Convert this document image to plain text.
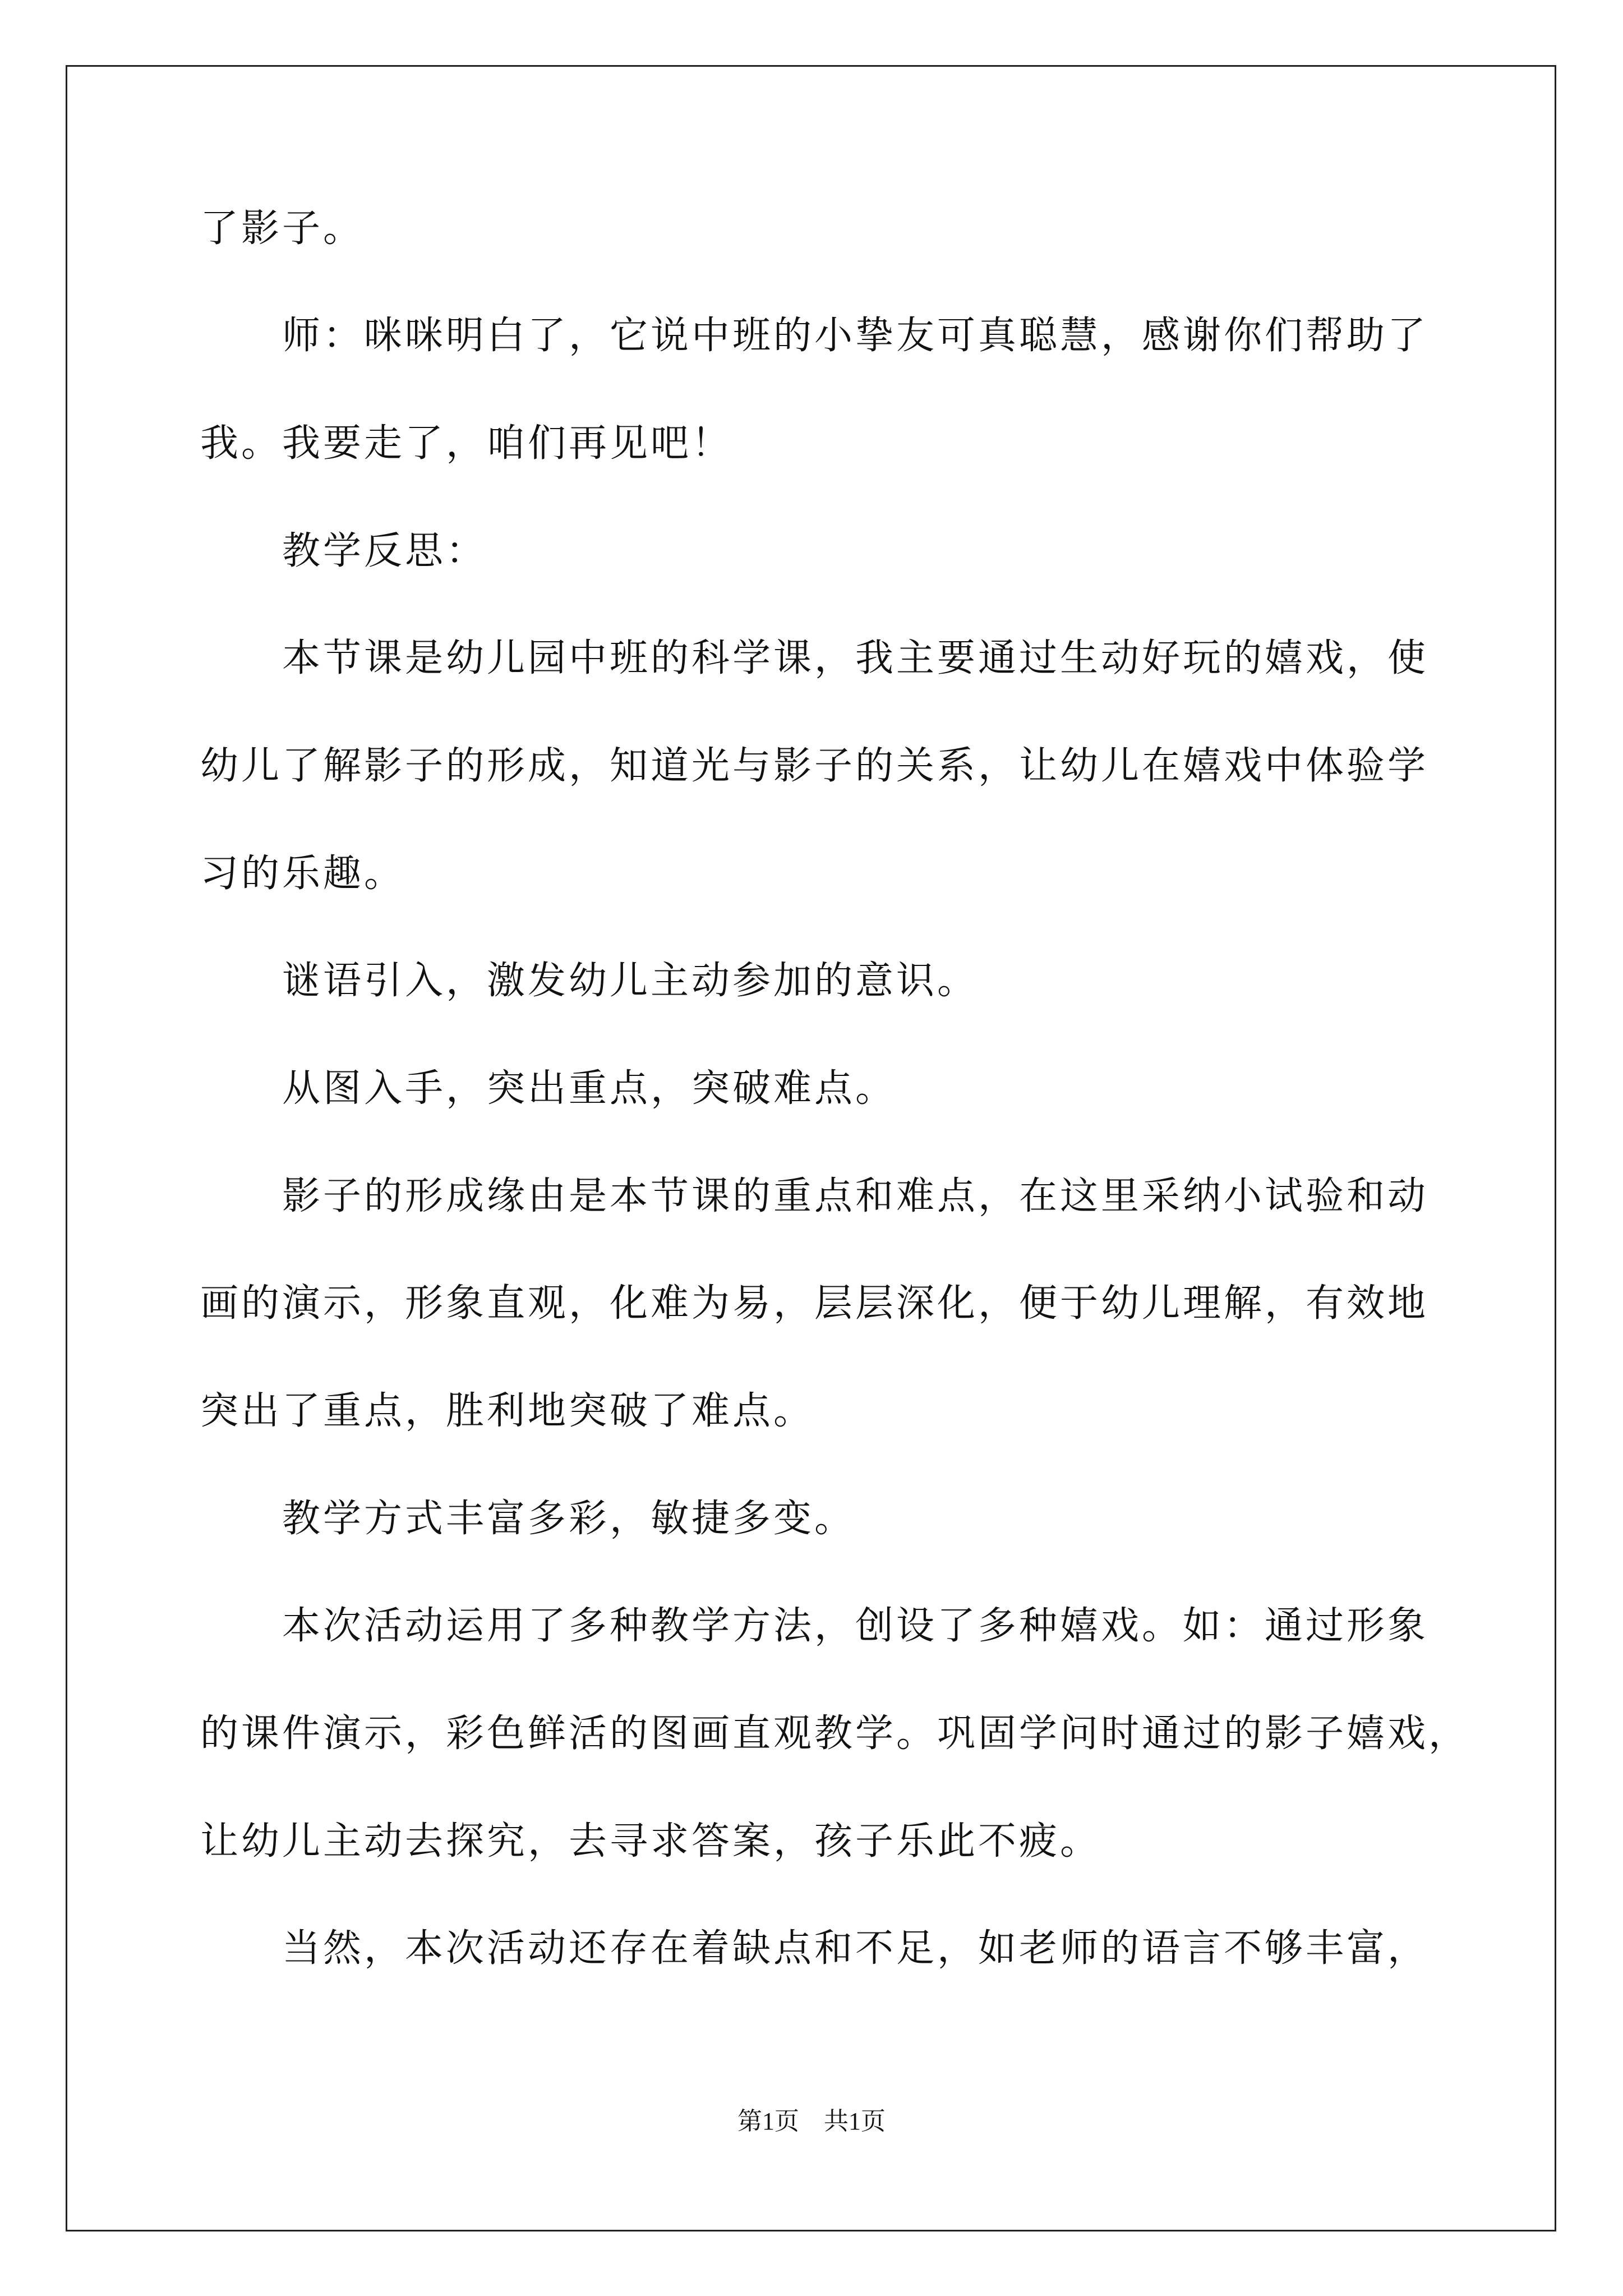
了影子。
师：咪咪明白了，它说中班的小挚友可真聪慧，感谢你们帮助了
我。我要走了，咱们再见吧！
教学反思：
本节课是幼儿园中班的科学课，我主要通过生动好玩的嬉戏，使
幼儿了解影子的形成，知道光与影子的关系，让幼儿在嬉戏中体验学
习的乐趣。
谜语引入，激发幼儿主动参加的意识。
从图入手，突出重点，突破难点。
影子的形成缘由是本节课的重点和难点，在这里采纳小试验和动
画的演示，形象直观，化难为易，层层深化，便于幼儿理解，有效地
突出了重点，胜利地突破了难点。
教学方式丰富多彩，敏捷多变。
本次活动运用了多种教学方法，创设了多种嬉戏。如：通过形象
的课件演示，彩色鲜活的图画直观教学。巩固学问时通过的影子嬉戏，
让幼儿主动去探究，去寻求答案，孩子乐此不疲。
当然，本次活动还存在着缺点和不足，如老师的语言不够丰富，
第1页　共1页
